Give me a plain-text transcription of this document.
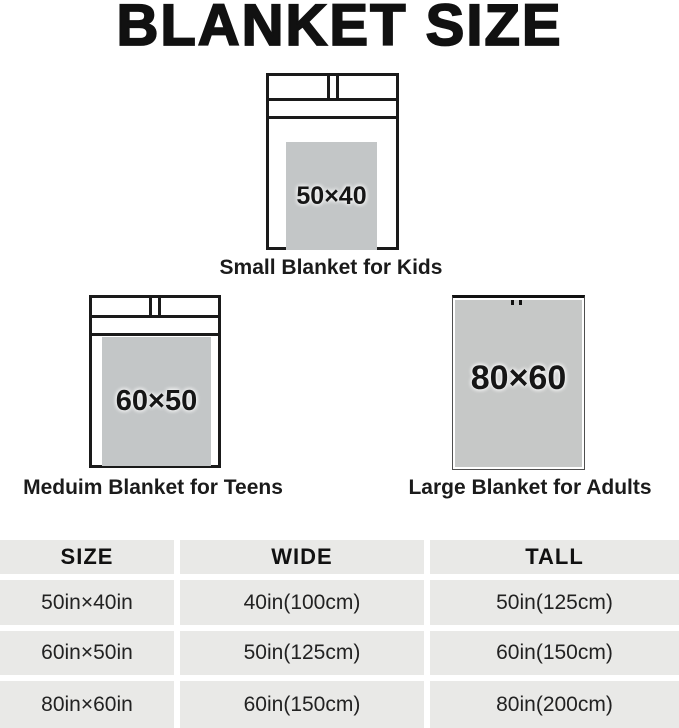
BLANKET SIZE
50×40
Small Blanket for Kids
60×50
Meduim Blanket for Teens
80×60
Large Blanket for Adults
SIZE	WIDE	TALL
50in×40in	40in(100cm)	50in(125cm)
60in×50in	50in(125cm)	60in(150cm)
80in×60in	60in(150cm)	80in(200cm)
